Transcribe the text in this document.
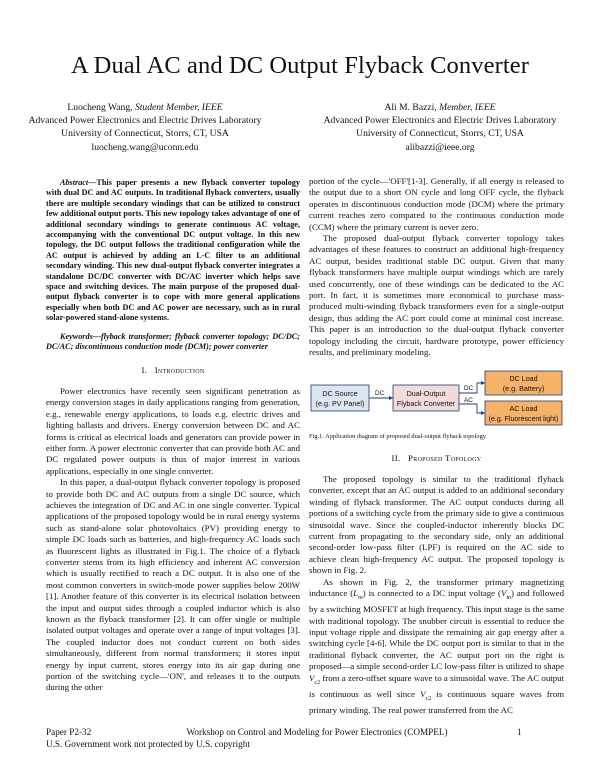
A Dual AC and DC Output Flyback Converter
Luocheng Wang, Student Member, IEEE
Advanced Power Electronics and Electric Drives Laboratory
University of Connecticut, Storrs, CT, USA
luocheng.wang@uconn.edu
Ali M. Bazzi, Member, IEEE
Advanced Power Electronics and Electric Drives Laboratory
University of Connecticut, Storrs, CT, USA
alibazzi@ieee.org

Abstract—This paper presents a new flyback converter topology with dual DC and AC outputs. In traditional flyback converters, usually there are multiple secondary windings that can be utilized to construct few additional output ports. This new topology takes advantage of one of additional secondary windings to generate continuous AC voltage, accompanying with the conventional DC output voltage. In this new topology, the DC output follows the traditional configuration while the AC output is achieved by adding an L-C filter to an additional secondary winding. This new dual-output flyback converter integrates a standalone DC/DC converter with DC/AC inverter which helps save space and switching devices. The main purpose of the proposed dual-output flyback converter is to cope with more general applications especially when both DC and AC power are necessary, such as in rural solar-powered stand-alone systems.

Keywords—flyback transformer; flyback converter topology; DC/DC; DC/AC; discontinuous conduction mode (DCM); power converter

I. Introduction

Power electronics have recently seen significant penetration as energy conversion stages in daily applications ranging from generation, e.g., renewable energy applications, to loads e.g. electric drives and lighting ballasts and drivers. Energy conversion between DC and AC forms is critical as electrical loads and generators can provide power in either form. A power electronic converter that can provide both AC and DC regulated power outputs is thus of major interest in various applications, especially in one single converter.

In this paper, a dual-output flyback converter topology is proposed to provide both DC and AC outputs from a single DC source, which achieves the integration of DC and AC in one single converter. Typical applications of the proposed topology would be in rural energy systems such as stand-alone solar photovoltaics (PV) providing energy to simple DC loads such as batteries, and high-frequency AC loads such as fluorescent lights as illustrated in Fig.1. The choice of a flyback converter stems from its high efficiency and inherent AC conversion which is usually rectified to reach a DC output. It is also one of the most common converters in switch-mode power supplies below 200W [1]. Another feature of this converter is its electrical isolation between the input and output sides through a coupled inductor which is also known as the flyback transformer [2]. It can offer single or multiple isolated output voltages and operate over a range of input voltages [3]. The coupled inductor does not conduct current on both sides simultaneously, different from normal transformers; it stores input energy by input current, stores energy into its air gap during one portion of the switching cycle—'ON', and releases it to the outputs during the other

portion of the cycle—'OFF'[1-3]. Generally, if all energy is released to the output due to a short ON cycle and long OFF cycle, the flyback operates in discontinuous conduction mode (DCM) where the primary current reaches zero compared to the continuous conduction mode (CCM) where the primary current is never zero.

The proposed dual-output flyback converter topology takes advantages of these features to construct an additional high-frequency AC output, besides traditional stable DC output. Given that many flyback transformers have multiple output windings which are rarely used concurrently, one of these windings can be dedicated to the AC port. In fact, it is sometimes more economical to purchase mass-produced multi-winding flyback transformers even for a single-output design, thus adding the AC port could come at minimal cost increase. This paper is an introduction to the dual-output flyback converter topology including the circuit, hardware prototype, power efficiency results, and preliminary modeling.

DC Source
(e.g. PV Panel)
DC	Dual-Output
Flyback Converter
DC
AC
DC Load
(e.g. Battery)
AC Load
(e.g. Fluorescent light)

Fig.1. Application diagram of proposed dual-output flyback topology

II. Proposed Topology

The proposed topology is similar to the traditional flyback converter, except that an AC output is added to an additional secondary winding of flyback transformer. The AC output conducts during all portions of a switching cycle from the primary side to give a continuous sinusoidal wave. Since the coupled-inductor inherently blocks DC current from propagating to the secondary side, only an additional second-order low-pass filter (LPF) is required on the AC side to achieve clean high-frequency AC output. The proposed topology is shown in Fig. 2.

As shown in Fig. 2, the transformer primary magnetizing inductance $(L_m)$ is connected to a DC input voltage $(V_{in})$ and followed by a switching MOSFET at high frequency. This input stage is the same with traditional topology. The snubber circuit is essential to reduce the input voltage ripple and dissipate the remaining air gap energy after a switching cycle [4-6]. While the DC output port is similar to that in the traditional flyback converter, the AC output port on the right is proposed—a simple second-order LC low-pass filter is utilized to shape $V_{c2}$ from a zero-offset square wave to a sinusoidal wave. The AC output is continuous as well since $V_{c2}$ is continuous square waves from primary winding. The real power transferred from the AC

Paper P2-32	Workshop on Control and Modeling for Power Electronics (COMPEL)	1
U.S. Government work not protected by U.S. copyright
